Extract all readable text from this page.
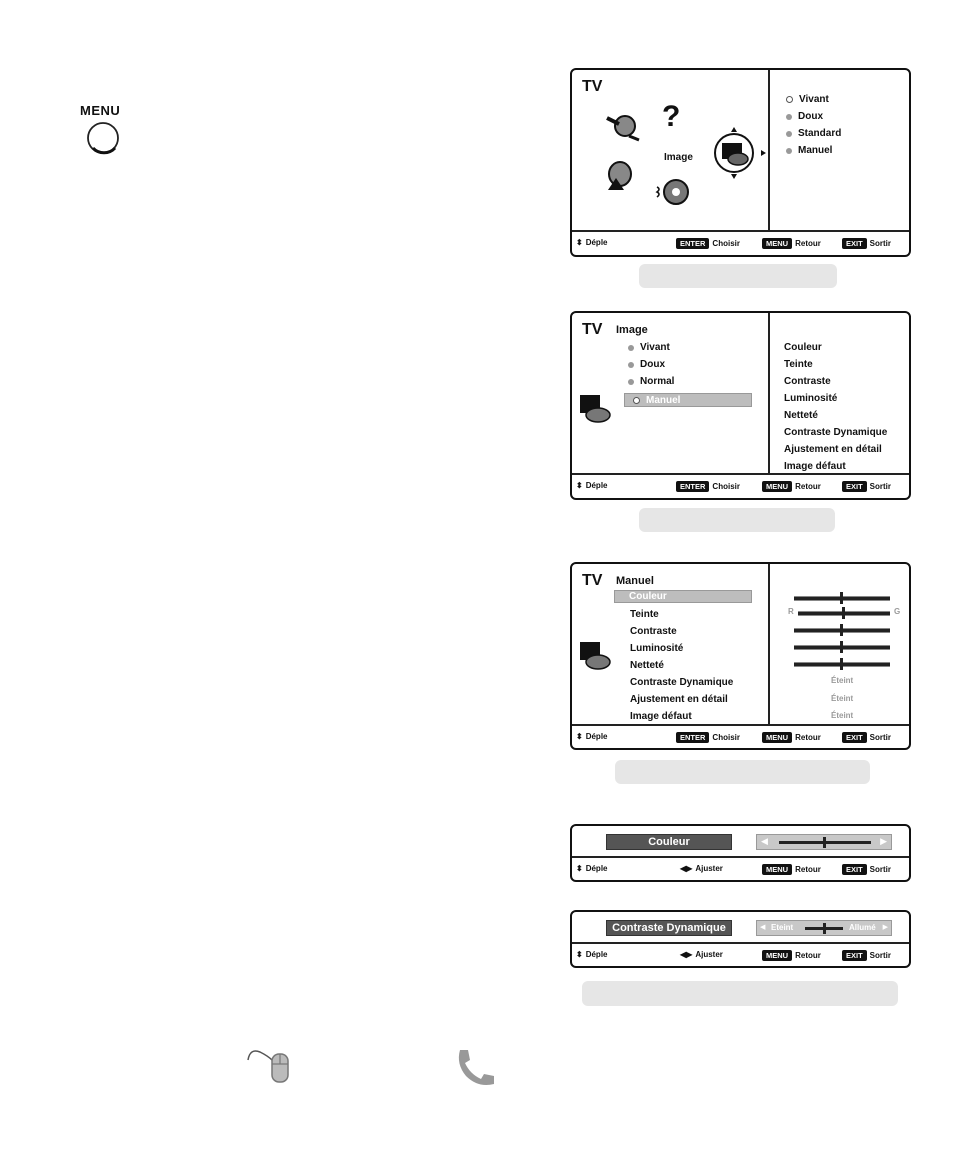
MENU
TV
?
Image
Vivant
Doux
Standard
Manuel
⬍ Déple	ENTER Choisir	MENU Retour	EXIT Sortir
TV Image
Vivant
Doux
Normal
Manuel
Couleur
Teinte
Contraste
Luminosité
Netteté
Contraste Dynamique
Ajustement en détail
Image défaut
⬍ Déple	ENTER Choisir	MENU Retour	EXIT Sortir
TV Manuel
Couleur
Teinte
Contraste
Luminosité
Netteté
Contraste Dynamique
Ajustement en détail
Image défaut
R	G
Éteint
Éteint
Éteint
⬍ Déple	ENTER Choisir	MENU Retour	EXIT Sortir
Couleur	◀	▶
⬍ Déple	◀▶ Ajuster	MENU Retour	EXIT Sortir
Contraste Dynamique	◀ Eteint	Allumé ▶
⬍ Déple	◀▶ Ajuster	MENU Retour	EXIT Sortir
